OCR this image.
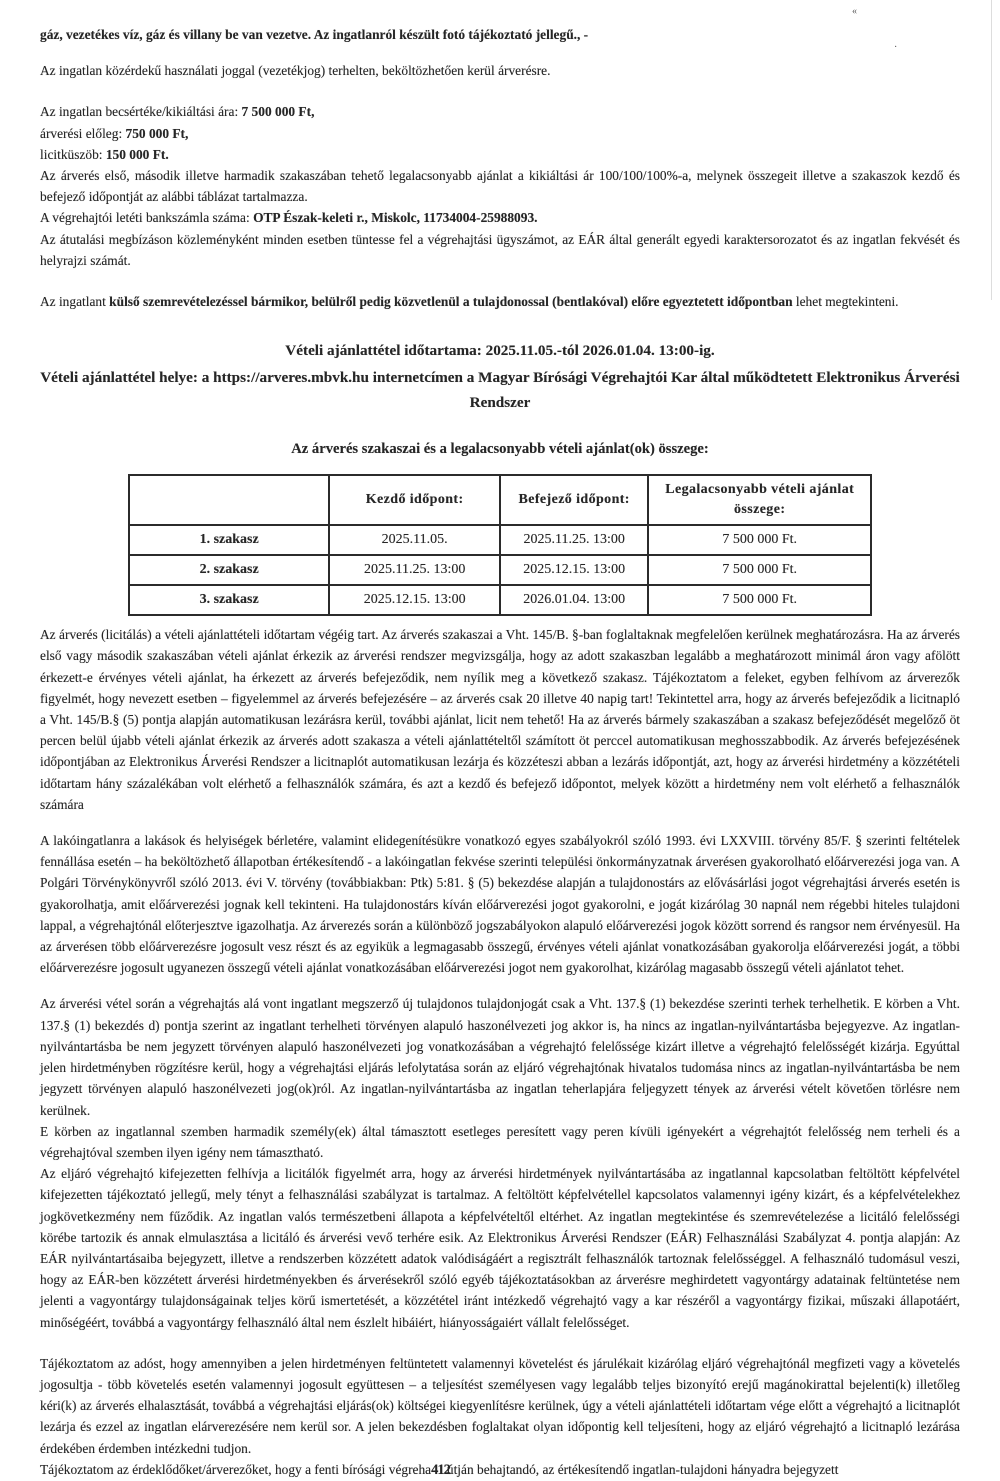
«
·
gáz, vezetékes víz, gáz és villany be van vezetve. Az ingatlanról készült fotó tájékoztató jellegű., -
Az ingatlan közérdekű használati joggal (vezetékjog) terhelten, beköltözhetően kerül árverésre.
Az ingatlan becsértéke/kikiáltási ára: 7 500 000 Ft,
árverési előleg: 750 000 Ft,
licitküszöb: 150 000 Ft.
Az árverés első, második illetve harmadik szakaszában tehető legalacsonyabb ajánlat a kikiáltási ár 100/100/100%-a, melynek összegeit illetve a szakaszok kezdő és befejező időpontját az alábbi táblázat tartalmazza.
A végrehajtói letéti bankszámla száma: OTP Észak-keleti r., Miskolc, 11734004-25988093.
Az átutalási megbízáson közleményként minden esetben tüntesse fel a végrehajtási ügyszámot, az EÁR által generált egyedi karaktersorozatot és az ingatlan fekvését és helyrajzi számát.
Az ingatlant külső szemrevételezéssel bármikor, belülről pedig közvetlenül a tulajdonossal (bentlakóval) előre egyeztetett időpontban lehet megtekinteni.
Vételi ajánlattétel időtartama: 2025.11.05.-tól 2026.01.04. 13:00-ig.
Vételi ajánlattétel helye: a https://arveres.mbvk.hu internetcímen a Magyar Bírósági Végrehajtói Kar által működtetett Elektronikus Árverési Rendszer
Az árverés szakaszai és a legalacsonyabb vételi ajánlat(ok) összege:
	Kezdő időpont:	Befejező időpont:	Legalacsonyabb vételi ajánlat összege:
1. szakasz	2025.11.05.	2025.11.25. 13:00	7 500 000 Ft.
2. szakasz	2025.11.25. 13:00	2025.12.15. 13:00	7 500 000 Ft.
3. szakasz	2025.12.15. 13:00	2026.01.04. 13:00	7 500 000 Ft.
Az árverés (licitálás) a vételi ajánlattételi időtartam végéig tart. Az árverés szakaszai a Vht. 145/B. §-ban foglaltaknak megfelelően kerülnek meghatározásra. Ha az árverés első vagy második szakaszában vételi ajánlat érkezik az árverési rendszer megvizsgálja, hogy az adott szakaszban legalább a meghatározott minimál áron vagy afölött érkezett-e érvényes vételi ajánlat, ha érkezett az árverés befejeződik, nem nyílik meg a következő szakasz. Tájékoztatom a feleket, egyben felhívom az árverezők figyelmét, hogy nevezett esetben – figyelemmel az árverés befejezésére – az árverés csak 20 illetve 40 napig tart! Tekintettel arra, hogy az árverés befejeződik a licitnapló a Vht. 145/B.§ (5) pontja alapján automatikusan lezárásra kerül, további ajánlat, licit nem tehető! Ha az árverés bármely szakaszában a szakasz befejeződését megelőző öt percen belül újabb vételi ajánlat érkezik az árverés adott szakasza a vételi ajánlattételtől számított öt perccel automatikusan meghosszabbodik. Az árverés befejezésének időpontjában az Elektronikus Árverési Rendszer a licitnaplót automatikusan lezárja és közzéteszi abban a lezárás időpontját, azt, hogy az árverési hirdetmény a közzétételi időtartam hány százalékában volt elérhető a felhasználók számára, és azt a kezdő és befejező időpontot, melyek között a hirdetmény nem volt elérhető a felhasználók számára
A lakóingatlanra a lakások és helyiségek bérletére, valamint elidegenítésükre vonatkozó egyes szabályokról szóló 1993. évi LXXVIII. törvény 85/F. § szerinti feltételek fennállása esetén – ha beköltözhető állapotban értékesítendő - a lakóingatlan fekvése szerinti települési önkormányzatnak árverésen gyakorolható előárverezési joga van. A Polgári Törvénykönyvről szóló 2013. évi V. törvény (továbbiakban: Ptk) 5:81. § (5) bekezdése alapján a tulajdonostárs az elővásárlási jogot végrehajtási árverés esetén is gyakorolhatja, amit előárverezési jognak kell tekinteni. Ha tulajdonostárs kíván előárverezési jogot gyakorolni, e jogát kizárólag 30 napnál nem régebbi hiteles tulajdoni lappal, a végrehajtónál előterjesztve igazolhatja. Az árverezés során a különböző jogszabályokon alapuló előárverezési jogok között sorrend és rangsor nem érvényesül. Ha az árverésen több előárverezésre jogosult vesz részt és az egyikük a legmagasabb összegű, érvényes vételi ajánlat vonatkozásában gyakorolja előárverezési jogát, a többi előárverezésre jogosult ugyanezen összegű vételi ajánlat vonatkozásában előárverezési jogot nem gyakorolhat, kizárólag magasabb összegű vételi ajánlatot tehet.
Az árverési vétel során a végrehajtás alá vont ingatlant megszerző új tulajdonos tulajdonjogát csak a Vht. 137.§ (1) bekezdése szerinti terhek terhelhetik. E körben a Vht. 137.§ (1) bekezdés d) pontja szerint az ingatlant terhelheti törvényen alapuló haszonélvezeti jog akkor is, ha nincs az ingatlan-nyilvántartásba bejegyezve. Az ingatlan-nyilvántartásba be nem jegyzett törvényen alapuló haszonélvezeti jog vonatkozásában a végrehajtó felelőssége kizárt illetve a végrehajtó felelősségét kizárja. Egyúttal jelen hirdetményben rögzítésre kerül, hogy a végrehajtási eljárás lefolytatása során az eljáró végrehajtónak hivatalos tudomása nincs az ingatlan-nyilvántartásba be nem jegyzett törvényen alapuló haszonélvezeti jog(ok)ról. Az ingatlan-nyilvántartásba az ingatlan teherlapjára feljegyzett tények az árverési vételt követően törlésre nem kerülnek.
E körben az ingatlannal szemben harmadik személy(ek) által támasztott esetleges peresített vagy peren kívüli igényekért a végrehajtót felelősség nem terheli és a végrehajtóval szemben ilyen igény nem támasztható.
Az eljáró végrehajtó kifejezetten felhívja a licitálók figyelmét arra, hogy az árverési hirdetmények nyilvántartásába az ingatlannal kapcsolatban feltöltött képfelvétel kifejezetten tájékoztató jellegű, mely tényt a felhasználási szabályzat is tartalmaz. A feltöltött képfelvétellel kapcsolatos valamennyi igény kizárt, és a képfelvételekhez jogkövetkezmény nem fűződik. Az ingatlan valós természetbeni állapota a képfelvételtől eltérhet. Az ingatlan megtekintése és szemrevételezése a licitáló felelősségi körébe tartozik és annak elmulasztása a licitáló és árverési vevő terhére esik. Az Elektronikus Árverési Rendszer (EÁR) Felhasználási Szabályzat 4. pontja alapján: Az EÁR nyilvántartásaiba bejegyzett, illetve a rendszerben közzétett adatok valódiságáért a regisztrált felhasználók tartoznak felelősséggel. A felhasználó tudomásul veszi, hogy az EÁR-ben közzétett árverési hirdetményekben és árverésekről szóló egyéb tájékoztatásokban az árverésre meghirdetett vagyontárgy adatainak feltüntetése nem jelenti a vagyontárgy tulajdonságainak teljes körű ismertetését, a közzététel iránt intézkedő végrehajtó vagy a kar részéről a vagyontárgy fizikai, műszaki állapotáért, minőségéért, továbbá a vagyontárgy felhasználó által nem észlelt hibáiért, hiányosságaiért vállalt felelősséget.
Tájékoztatom az adóst, hogy amennyiben a jelen hirdetményen feltüntetett valamennyi követelést és járulékait kizárólag eljáró végrehajtónál megfizeti vagy a követelés jogosultja - több követelés esetén valamennyi jogosult együttesen – a teljesítést személyesen vagy legalább teljes bizonyító erejű magánokirattal bejelenti(k) illetőleg kéri(k) az árverés elhalasztását, továbbá a végrehajtási eljárás(ok) költségei kiegyenlítésre kerülnek, úgy a vételi ajánlattételi időtartam vége előtt a végrehajtó a licitnaplót lezárja és ezzel az ingatlan elárverezésére nem kerül sor. A jelen bekezdésben foglaltakat olyan időpontig kell teljesíteni, hogy az eljáró végrehajtó a licitnapló lezárása érdekében érdemben intézkedni tudjon.
Tájékoztatom az érdeklődőket/árverezőket, hogy a fenti bírósági végreha412útján behajtandó, az értékesítendő ingatlan-tulajdoni hányadra bejegyzett
